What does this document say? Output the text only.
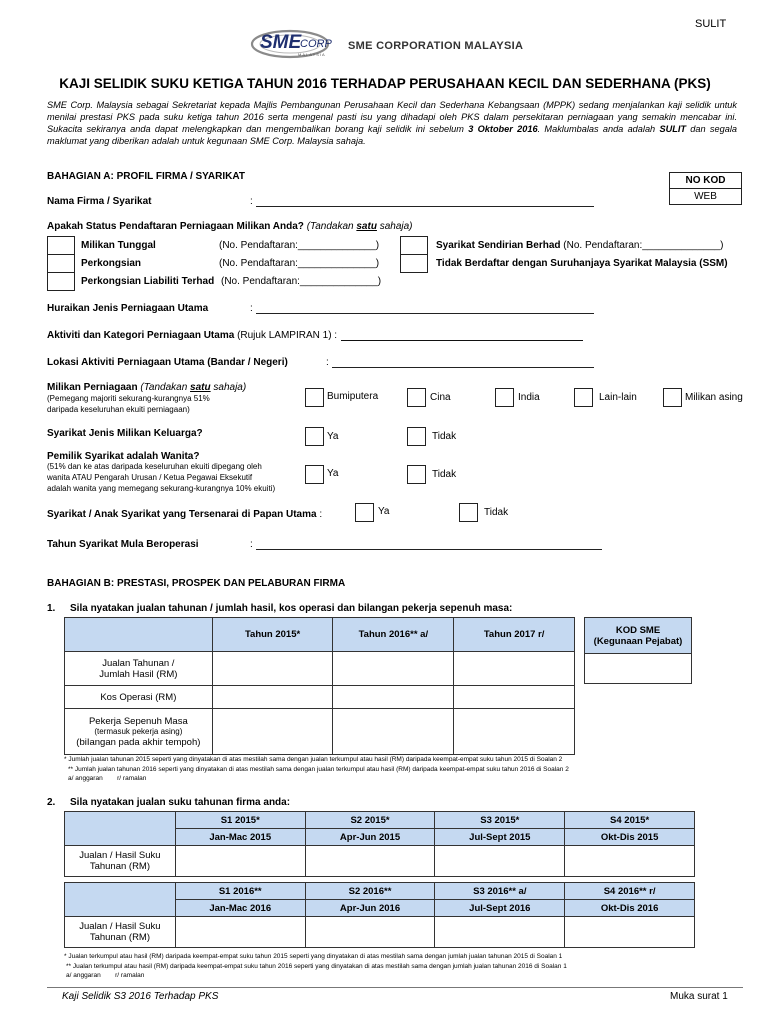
SULIT
SME
CORP
MALAYSIA
SME CORPORATION MALAYSIA
KAJI SELIDIK SUKU KETIGA TAHUN 2016 TERHADAP PERUSAHAAN KECIL DAN SEDERHANA (PKS)
SME Corp. Malaysia sebagai Sekretariat kepada Majlis Pembangunan Perusahaan Kecil dan Sederhana Kebangsaan (MPPK) sedang menjalankan kaji selidik untuk menilai prestasi PKS pada suku ketiga tahun 2016 serta mengenal pasti isu yang dihadapi oleh PKS dalam persekitaran perniagaan yang semakin mencabar ini. Sukacita sekiranya anda dapat melengkapkan dan mengembalikan borang kaji selidik ini sebelum 3 Oktober 2016. Maklumbalas anda adalah SULIT dan segala maklumat yang diberikan adalah untuk kegunaan SME Corp. Malaysia sahaja.
BAHAGIAN A: PROFIL FIRMA / SYARIKAT	NO KOD
WEB
Nama Firma / Syarikat	:
Apakah Status Pendaftaran Perniagaan Milikan Anda? (Tandakan satu sahaja)
Milikan Tunggal	(No. Pendaftaran:______________)
Perkongsian	(No. Pendaftaran:______________)
Perkongsian Liabiliti Terhad (No. Pendaftaran:______________)
Syarikat Sendirian Berhad (No. Pendaftaran:______________)
Tidak Berdaftar dengan Suruhanjaya Syarikat Malaysia (SSM)
Huraikan Jenis Perniagaan Utama	:
Aktiviti dan Kategori Perniagaan Utama (Rujuk LAMPIRAN 1) :
Lokasi Aktiviti Perniagaan Utama (Bandar / Negeri)	:
Milikan Perniagaan (Tandakan satu sahaja)
(Pemegang majoriti sekurang-kurangnya 51%
daripada keseluruhan ekuiti perniagaan)
Bumiputera	Cina	India	Lain-lain	Milikan asing
Syarikat Jenis Milikan Keluarga?	Ya	Tidak
Pemilik Syarikat adalah Wanita?
(51% dan ke atas daripada keseluruhan ekuiti dipegang oleh
wanita ATAU Pengarah Urusan / Ketua Pegawai Eksekutif
adalah wanita yang memegang sekurang-kurangnya 10% ekuiti)
Ya	Tidak
Syarikat / Anak Syarikat yang Tersenarai di Papan Utama :	Ya	Tidak
Tahun Syarikat Mula Beroperasi	:
BAHAGIAN B: PRESTASI, PROSPEK DAN PELABURAN FIRMA
1. Sila nyatakan jualan tahunan / jumlah hasil, kos operasi dan bilangan pekerja sepenuh masa:
	Tahun 2015*	Tahun 2016** a/	Tahun 2017 r/

Jualan Tahunan /
Jumlah Hasil (RM)			

Kos Operasi (RM)			

Pekerja Sepenuh Masa
(termasuk pekerja asing)
(biIangan pada akhir tempoh)			

KOD SME
(Kegunaan Pejabat)

* Jumlah jualan tahunan 2015 seperti yang dinyatakan di atas mestilah sama dengan jualan terkumpul atau hasil (RM) daripada keempat-empat suku tahun 2015 di Soalan 2
** Jumlah jualan tahunan 2016 seperti yang dinyatakan di atas mestilah sama dengan jualan terkumpul atau hasil (RM) daripada keempat-empat suku tahun 2016 di Soalan 2
a/ anggaran        r/ ramalan
2. Sila nyatakan jualan suku tahunan firma anda:
	S1 2015*	S2 2015*	S3 2015*	S4 2015*
	Jan-Mac 2015	Apr-Jun 2015	Jul-Sept 2015	Okt-Dis 2015

Jualan / Hasil Suku
Tahunan (RM)				

	S1 2016**	S2 2016**	S3 2016** a/	S4 2016** r/
	Jan-Mac 2016	Apr-Jun 2016	Jul-Sept 2016	Okt-Dis 2016

Jualan / Hasil Suku
Tahunan (RM)				

* Jualan terkumpul atau hasil (RM) daripada keempat-empat suku tahun 2015 seperti yang dinyatakan di atas mestilah sama dengan jumlah jualan tahunan 2015 di Soalan 1
** Jualan terkumpul atau hasil (RM) daripada keempat-empat suku tahun 2016 seperti yang dinyatakan di atas mestilah sama dengan jumlah jualan tahunan 2016 di Soalan 1
a/ anggaran        r/ ramalan
Kaji Selidik S3 2016 Terhadap PKS	Muka surat 1
